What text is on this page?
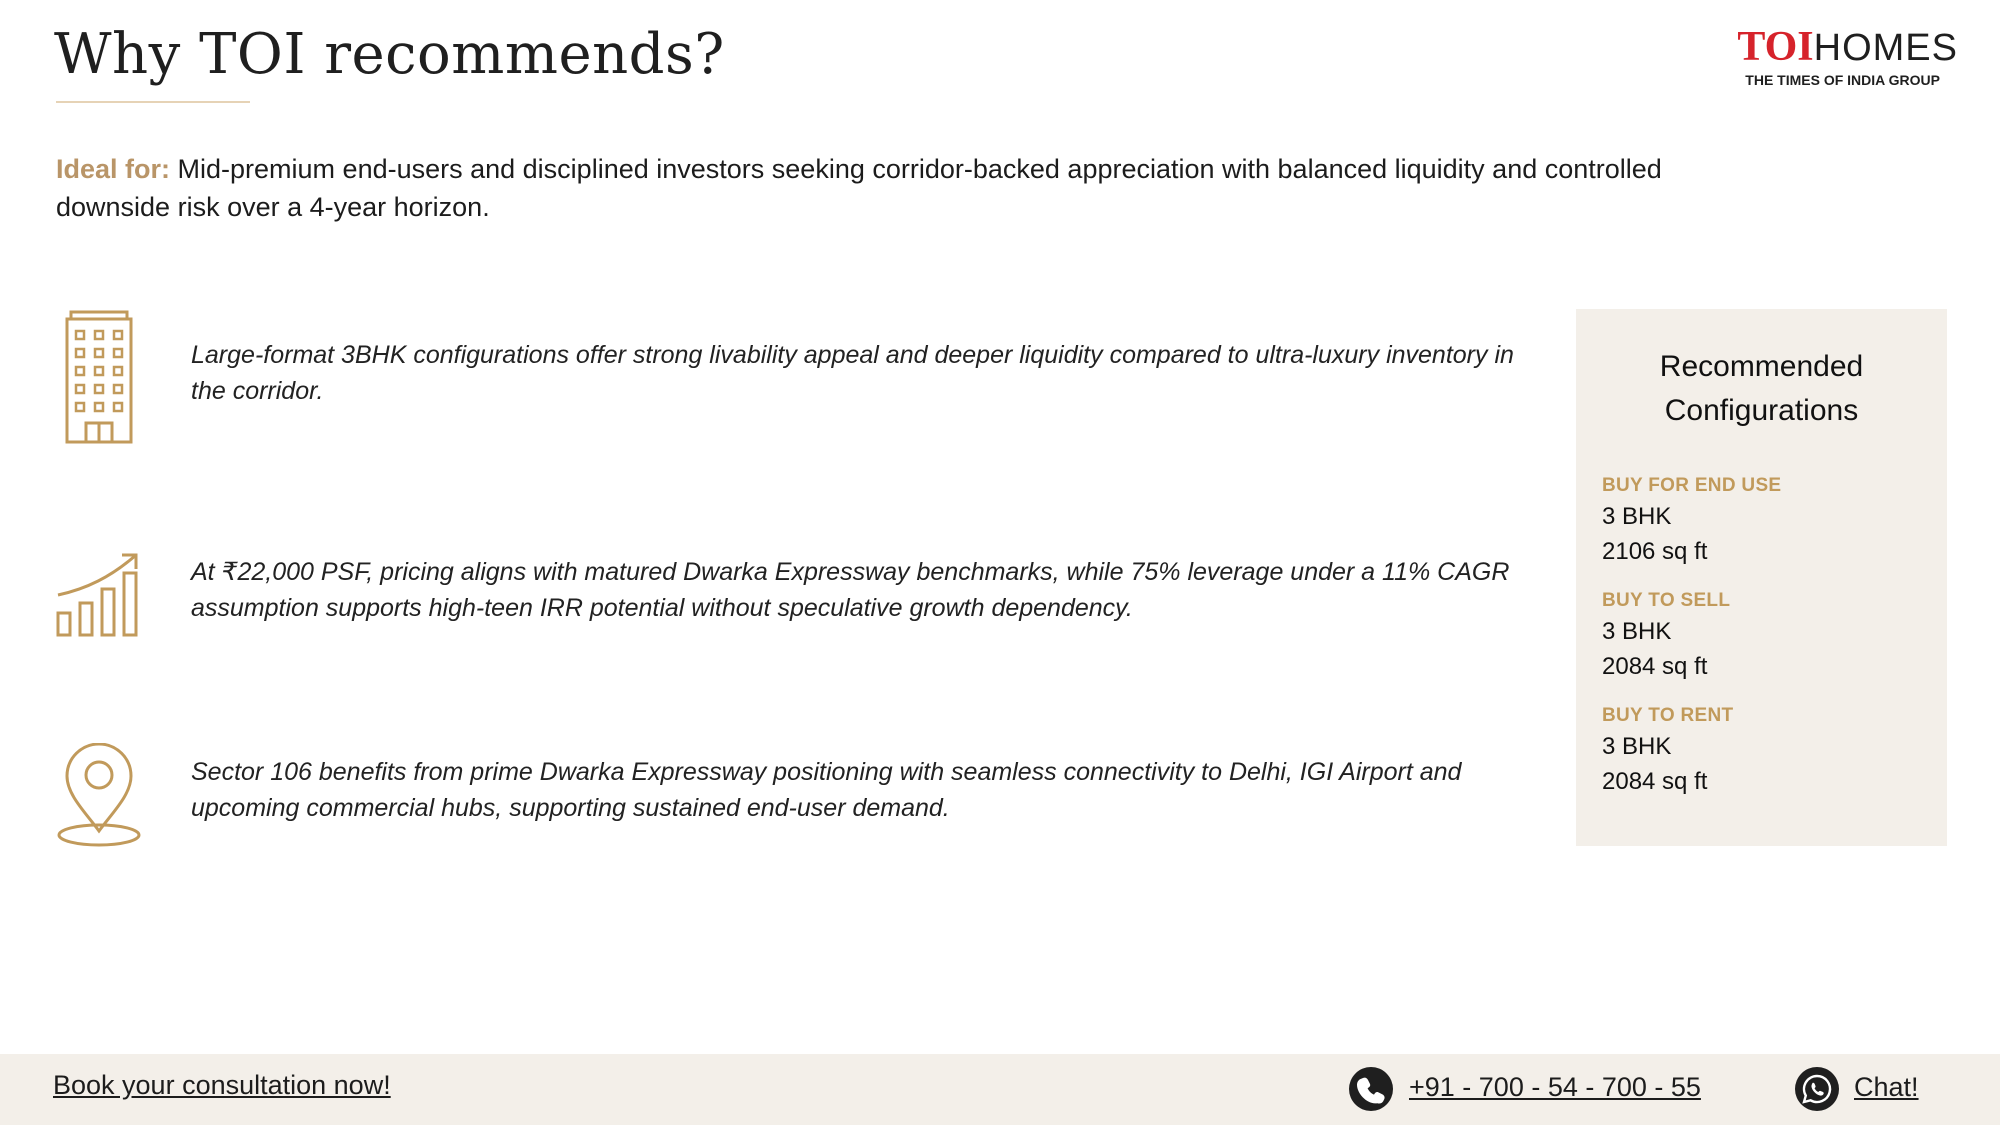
Why TOI recommends?	TOIHOMES
THE TIMES OF INDIA GROUP
Ideal for: Mid-premium end-users and disciplined investors seeking corridor-backed appreciation with balanced liquidity and controlled downside risk over a 4-year horizon.
Large-format 3BHK configurations offer strong livability appeal and deeper liquidity compared to ultra-luxury inventory in the corridor.
At ₹22,000 PSF, pricing aligns with matured Dwarka Expressway benchmarks, while 75% leverage under a 11% CAGR assumption supports high-teen IRR potential without speculative growth dependency.
Sector 106 benefits from prime Dwarka Expressway positioning with seamless connectivity to Delhi, IGI Airport and upcoming commercial hubs, supporting sustained end-user demand.
Recommended
Configurations
BUY FOR END USE
3 BHK
2106 sq ft
BUY TO SELL
3 BHK
2084 sq ft
BUY TO RENT
3 BHK
2084 sq ft
Book your consultation now!	+91 - 700 - 54 - 700 - 55	Chat!
